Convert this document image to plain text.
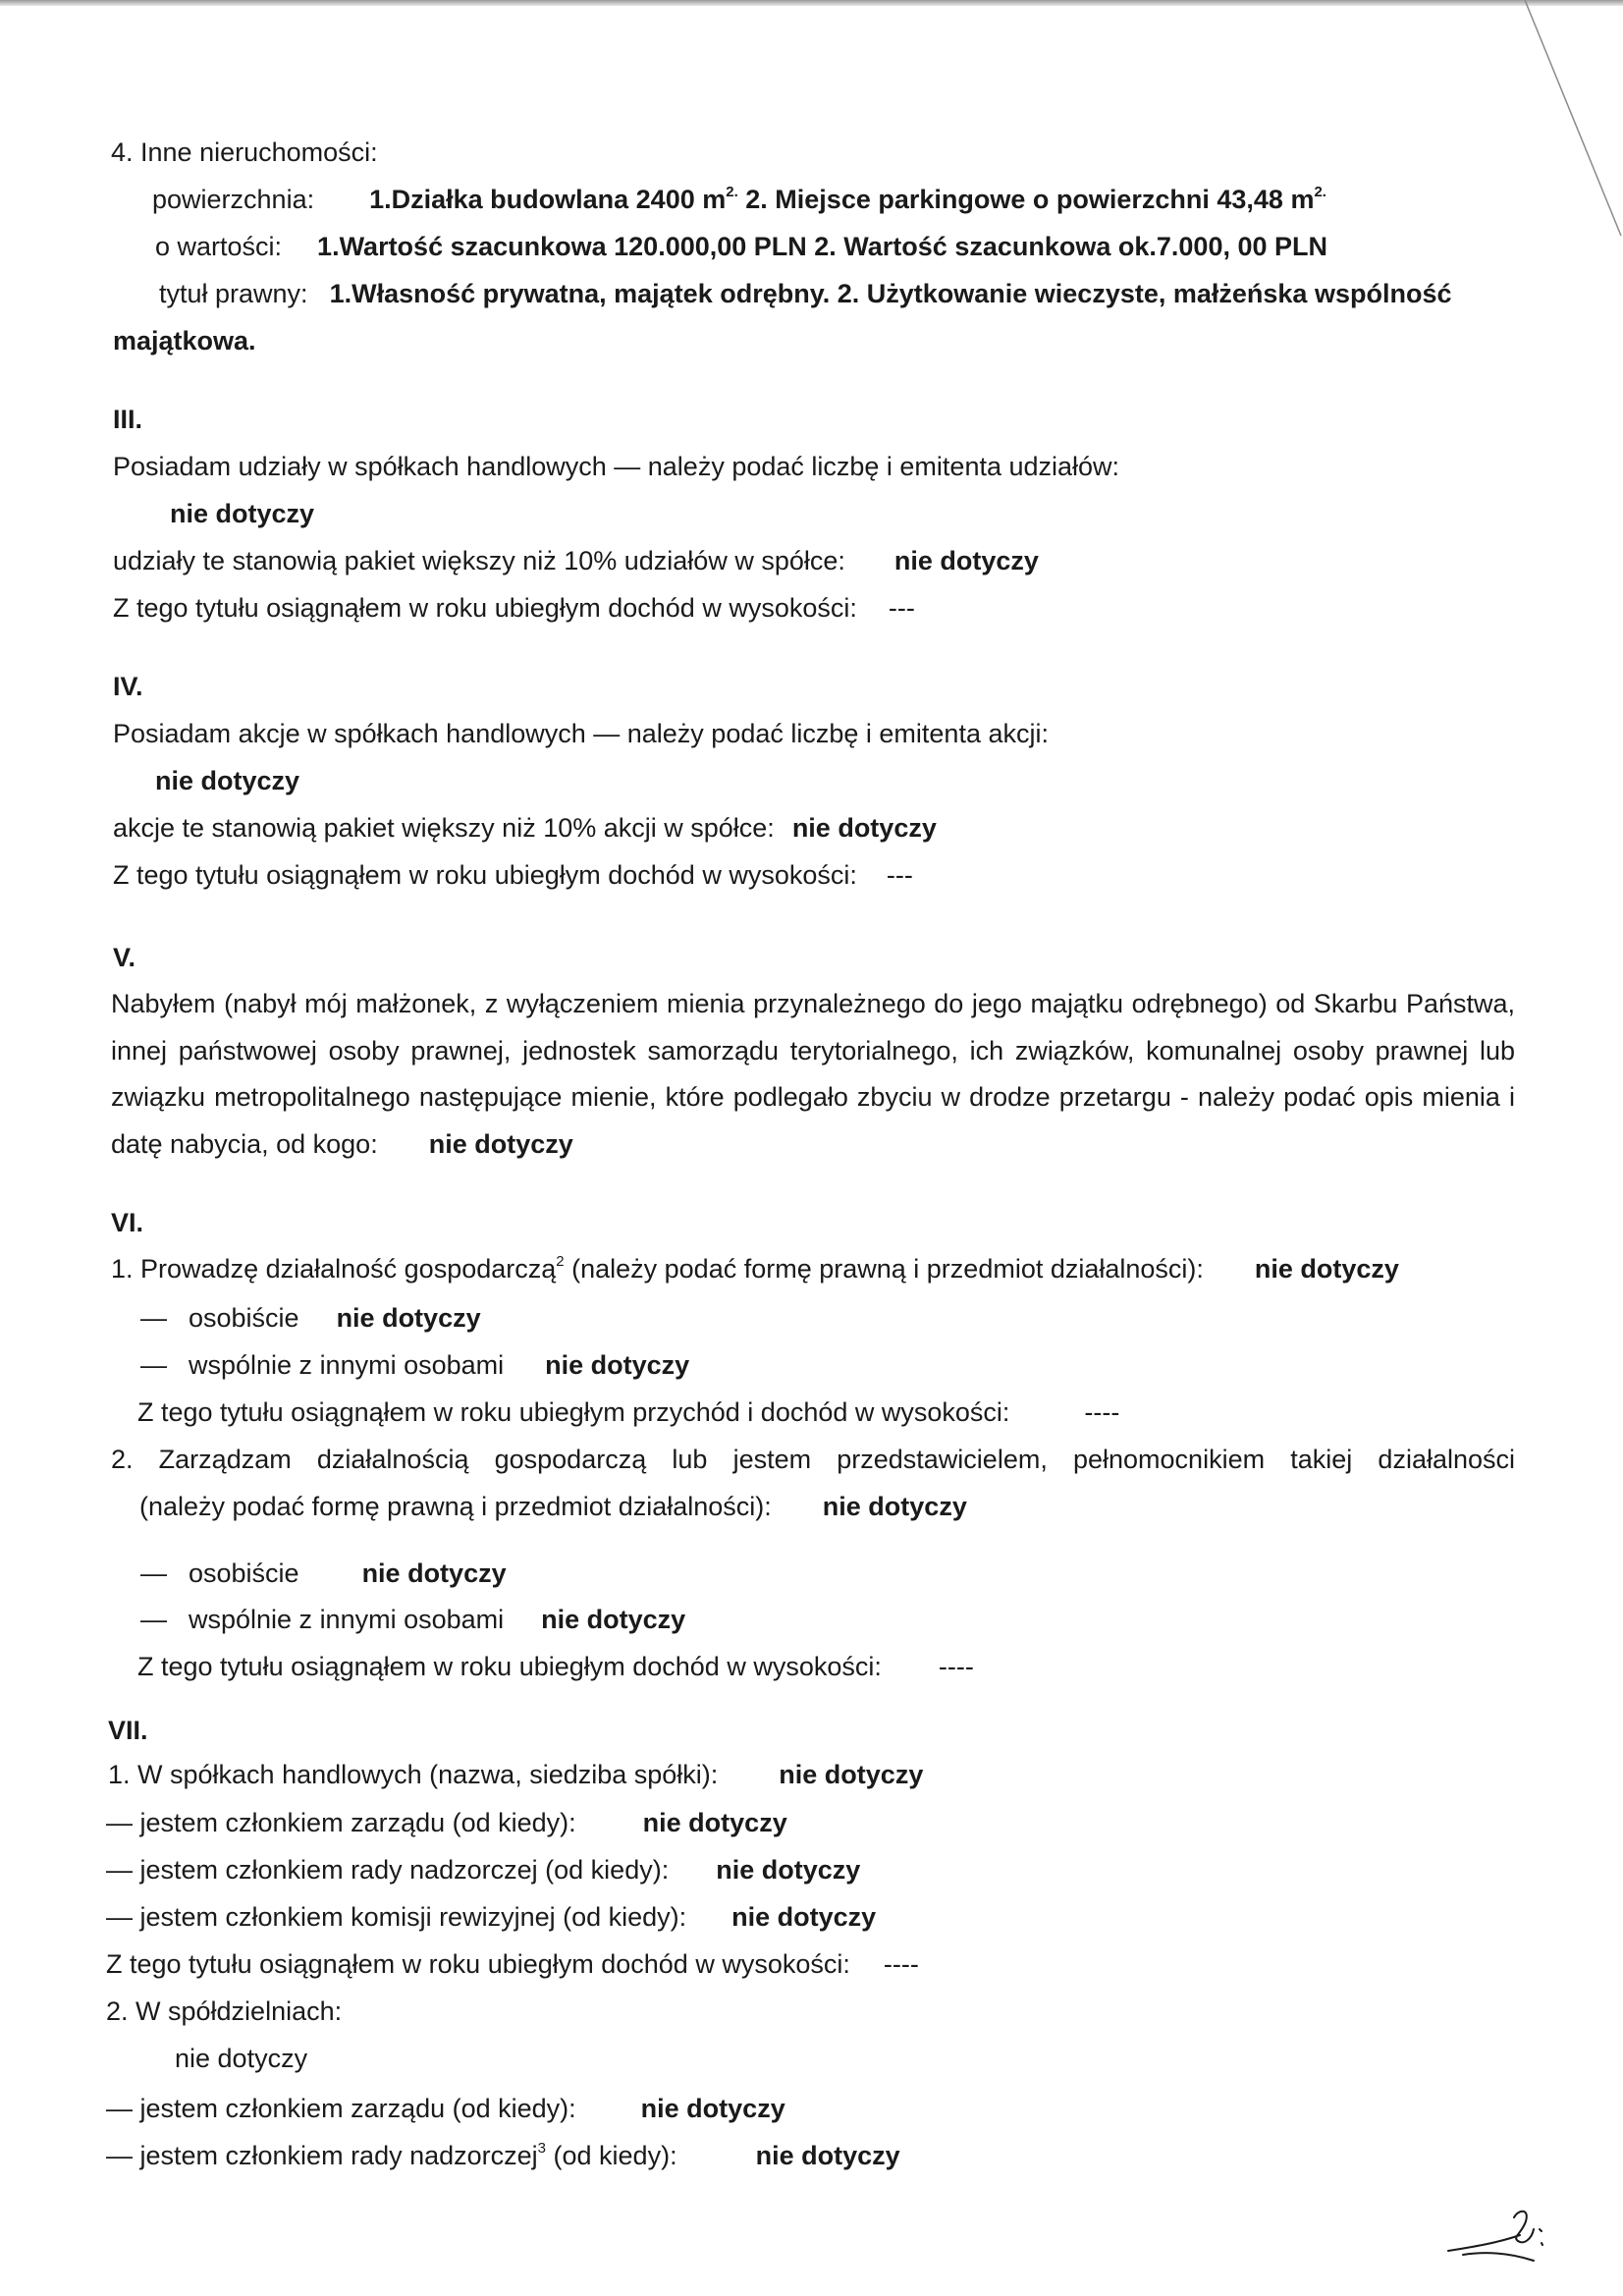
4. Inne nieruchomości:
powierzchnia: 1.Działka budowlana 2400 $m^{2.}$ 2. Miejsce parkingowe o powierzchni 43,48 $m^{2.}$
o wartości: 1.Wartość szacunkowa 120.000,00 PLN 2. Wartość szacunkowa ok.7.000, 00 PLN
tytuł prawny: 1.Własność prywatna, majątek odrębny. 2. Użytkowanie wieczyste, małżeńska wspólność
majątkowa.
III.
Posiadam udziały w spółkach handlowych — należy podać liczbę i emitenta udziałów:
nie dotyczy
udziały te stanowią pakiet większy niż 10% udziałów w spółce: nie dotyczy
Z tego tytułu osiągnąłem w roku ubiegłym dochód w wysokości: ---
IV.
Posiadam akcje w spółkach handlowych — należy podać liczbę i emitenta akcji:
nie dotyczy
akcje te stanowią pakiet większy niż 10% akcji w spółce: nie dotyczy
Z tego tytułu osiągnąłem w roku ubiegłym dochód w wysokości: ---
V.
Nabyłem (nabył mój małżonek, z wyłączeniem mienia przynależnego do jego majątku odrębnego) od Skarbu Państwa, innej państwowej osoby prawnej, jednostek samorządu terytorialnego, ich związków, komunalnej osoby prawnej lub związku metropolitalnego następujące mienie, które podlegało zbyciu w drodze przetargu - należy podać opis mienia i datę nabycia, od kogo: nie dotyczy
VI.
1. Prowadzę działalność gospodarczą$^2$ (należy podać formę prawną i przedmiot działalności): nie dotyczy
— osobiście nie dotyczy
— wspólnie z innymi osobami nie dotyczy
Z tego tytułu osiągnąłem w roku ubiegłym przychód i dochód w wysokości:	----
2. Zarządzam działalnością gospodarczą lub jestem przedstawicielem, pełnomocnikiem takiej działalności
(należy podać formę prawną i przedmiot działalności): nie dotyczy
— osobiście nie dotyczy
— wspólnie z innymi osobami nie dotyczy
Z tego tytułu osiągnąłem w roku ubiegłym dochód w wysokości: ----
VII.
1. W spółkach handlowych (nazwa, siedziba spółki): nie dotyczy
— jestem członkiem zarządu (od kiedy):	nie dotyczy
— jestem członkiem rady nadzorczej (od kiedy): nie dotyczy
— jestem członkiem komisji rewizyjnej (od kiedy): nie dotyczy
Z tego tytułu osiągnąłem w roku ubiegłym dochód w wysokości: ----
2. W spółdzielniach:
nie dotyczy
— jestem członkiem zarządu (od kiedy): nie dotyczy
— jestem członkiem rady nadzorczej$^3$ (od kiedy):	nie dotyczy
